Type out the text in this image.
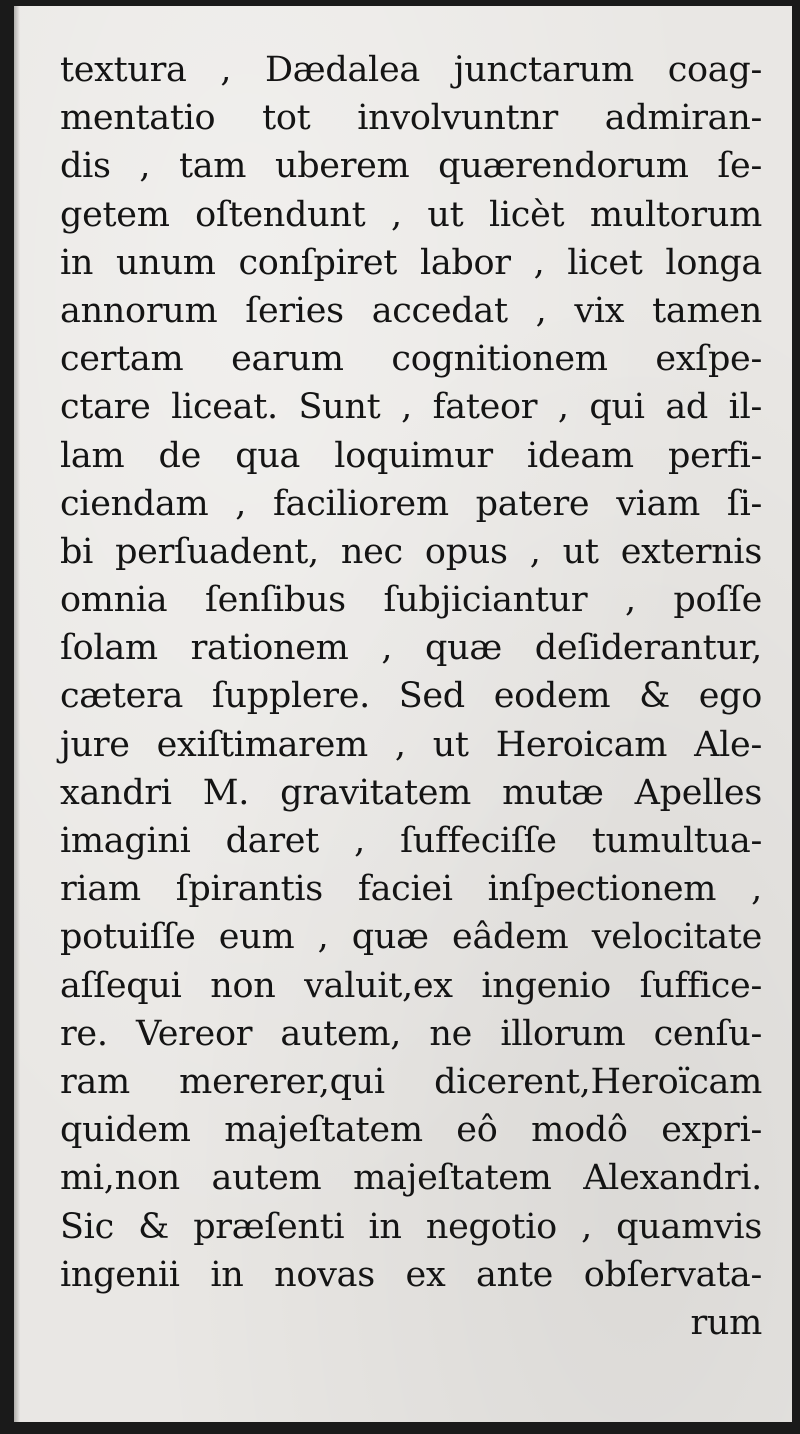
textura , Dædalea junctarum coag-
mentatio tot involvuntnr admiran-
dis , tam uberem quærendorum ſe-
getem oſtendunt , ut licèt multorum
in unum conſpiret labor , licet longa
annorum ſeries accedat , vix tamen
certam earum cognitionem exſpe-
ctare liceat. Sunt , fateor , qui ad il-
lam de qua loquimur ideam perfi-
ciendam , faciliorem patere viam ſi-
bi perſuadent, nec opus , ut externis
omnia ſenſibus ſubjiciantur , poſſe
ſolam rationem , quæ deſiderantur,
cætera ſupplere. Sed eodem & ego
jure exiſtimarem , ut Heroicam Ale-
xandri M. gravitatem mutæ Apelles
imagini daret , ſuffeciſſe tumultua-
riam ſpirantis faciei inſpectionem ,
potuiſſe eum , quæ eâdem velocitate
aſſequi non valuit,ex ingenio ſuffice-
re. Vereor autem, ne illorum cenſu-
ram mererer,qui dicerent,Heroïcam
quidem majeſtatem eô modô expri-
mi,non autem majeſtatem Alexandri.
Sic & præſenti in negotio , quamvis
ingenii in novas ex ante obſervata-
rum
